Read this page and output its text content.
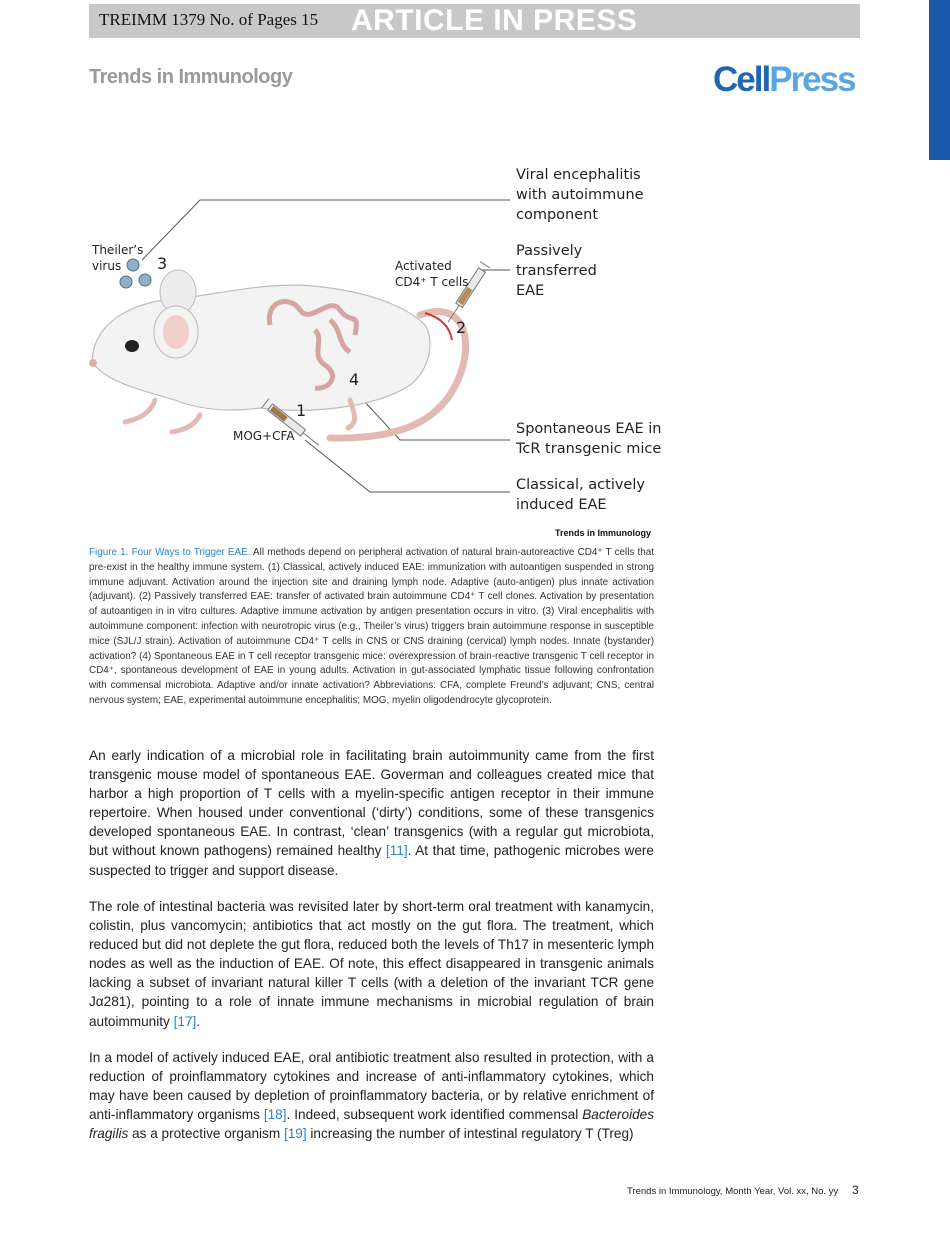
TREIMM 1379 No. of Pages 15 ARTICLE IN PRESS
Trends in Immunology	CellPress
Viral encephalitis
with autoimmune
component
Passively
transferred
EAE
Spontaneous EAE in
TcR transgenic mice
Classical, actively
induced EAE
Theiler’s
virus	Activated
CD4⁺ T cells
MOG+CFA
1
2
3
4
Trends in Immunology
Figure 1. Four Ways to Trigger EAE. All methods depend on peripheral activation of natural brain-autoreactive CD4⁺ T cells that pre-exist in the healthy immune system. (1) Classical, actively induced EAE: immunization with autoantigen suspended in strong immune adjuvant. Activation around the injection site and draining lymph node. Adaptive (auto-antigen) plus innate activation (adjuvant). (2) Passively transferred EAE: transfer of activated brain autoimmune CD4⁺ T cell clones. Activation by presentation of autoantigen in in vitro cultures. Adaptive immune activation by antigen presentation occurs in vitro. (3) Viral encephalitis with autoimmune component: infection with neurotropic virus (e.g., Theiler’s virus) triggers brain autoimmune response in susceptible mice (SJL/J strain). Activation of autoimmune CD4⁺ T cells in CNS or CNS draining (cervical) lymph nodes. Innate (bystander) activation? (4) Spontaneous EAE in T cell receptor transgenic mice: overexpression of brain-reactive transgenic T cell receptor in CD4⁺, spontaneous development of EAE in young adults. Activation in gut-associated lymphatic tissue following confrontation with commensal microbiota. Adaptive and/or innate activation? Abbreviations: CFA, complete Freund’s adjuvant; CNS, central nervous system; EAE, experimental autoimmune encephalitis; MOG, myelin oligodendrocyte glycoprotein.

An early indication of a microbial role in facilitating brain autoimmunity came from the first transgenic mouse model of spontaneous EAE. Goverman and colleagues created mice that harbor a high proportion of T cells with a myelin-specific antigen receptor in their immune repertoire. When housed under conventional (‘dirty’) conditions, some of these transgenics developed spontaneous EAE. In contrast, ‘clean’ transgenics (with a regular gut microbiota, but without known pathogens) remained healthy [11]. At that time, pathogenic microbes were suspected to trigger and support disease.

The role of intestinal bacteria was revisited later by short-term oral treatment with kanamycin, colistin, plus vancomycin; antibiotics that act mostly on the gut flora. The treatment, which reduced but did not deplete the gut flora, reduced both the levels of Th17 in mesenteric lymph nodes as well as the induction of EAE. Of note, this effect disappeared in transgenic animals lacking a subset of invariant natural killer T cells (with a deletion of the invariant TCR gene Jα281), pointing to a role of innate immune mechanisms in microbial regulation of brain autoimmunity [17].

In a model of actively induced EAE, oral antibiotic treatment also resulted in protection, with a reduction of proinflammatory cytokines and increase of anti-inflammatory cytokines, which may have been caused by depletion of proinflammatory bacteria, or by relative enrichment of anti-inflammatory organisms [18]. Indeed, subsequent work identified commensal Bacteroides fragilis as a protective organism [19] increasing the number of intestinal regulatory T (Treg)

Trends in Immunology, Month Year, Vol. xx, No. yy 3
